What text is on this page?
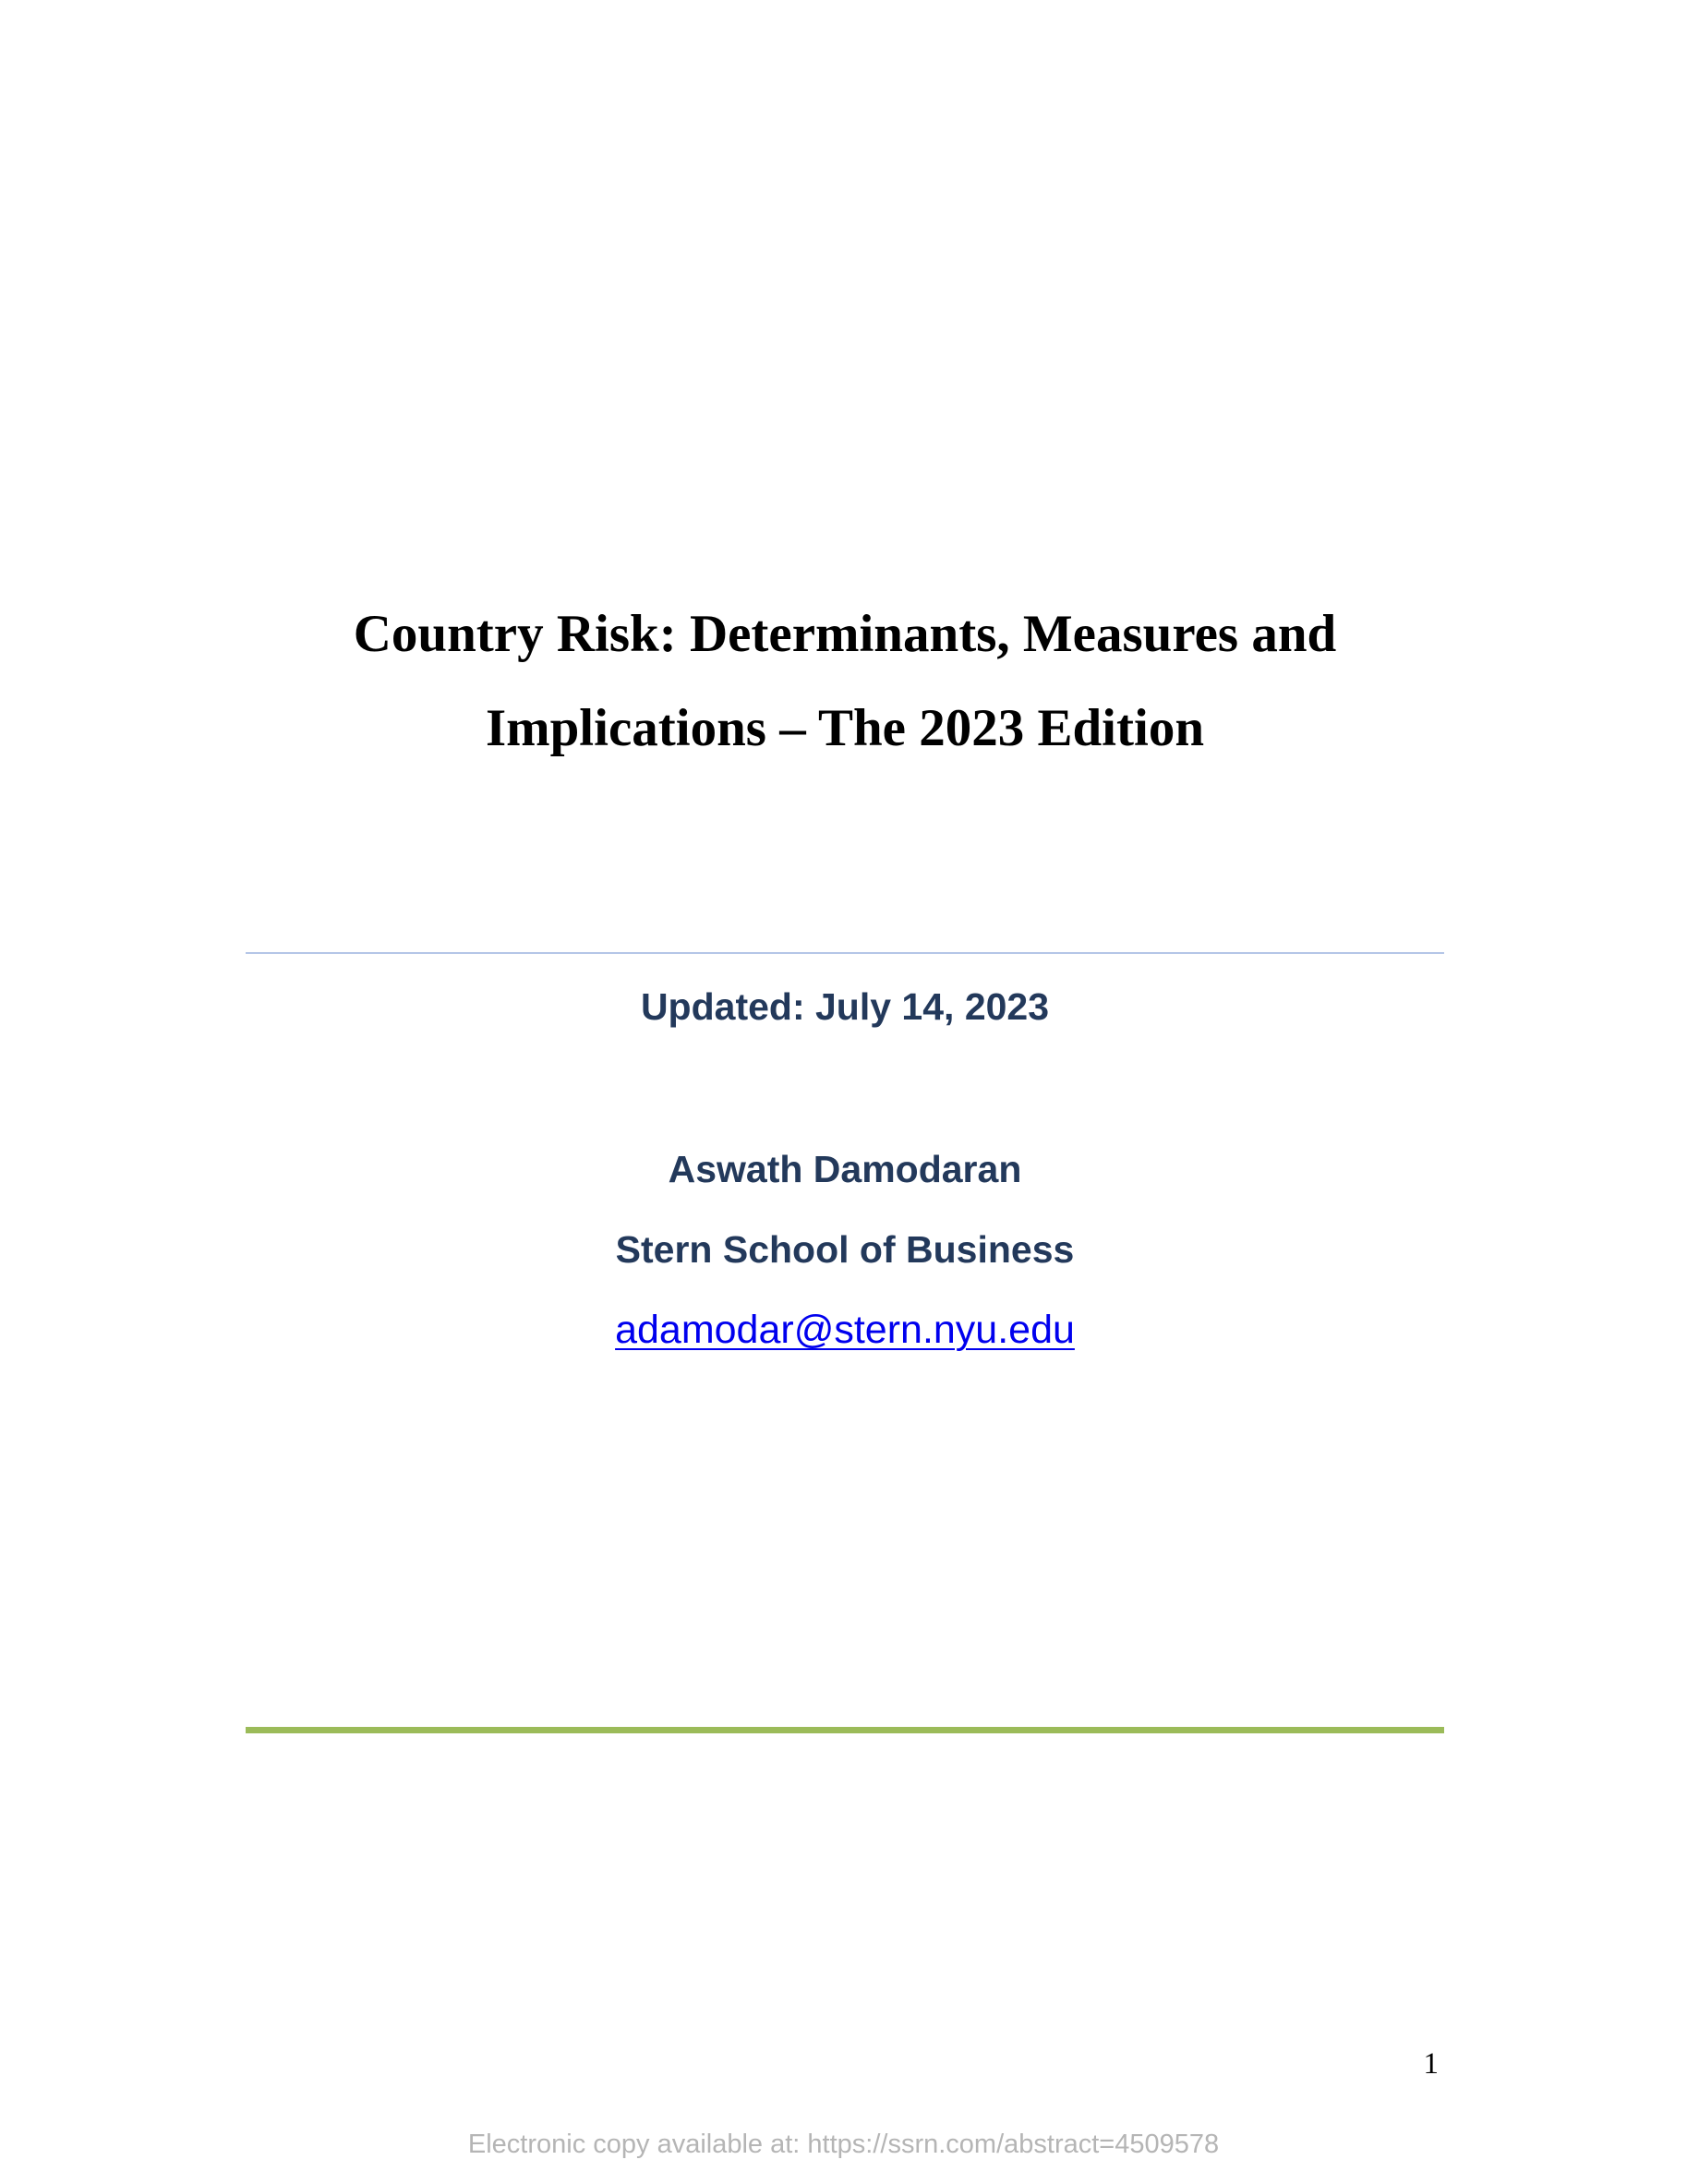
Country Risk: Determinants, Measures and
Implications – The 2023 Edition

Updated: July 14, 2023

Aswath Damodaran

Stern School of Business

adamodar@stern.nyu.edu

1
Electronic copy available at: https://ssrn.com/abstract=4509578
